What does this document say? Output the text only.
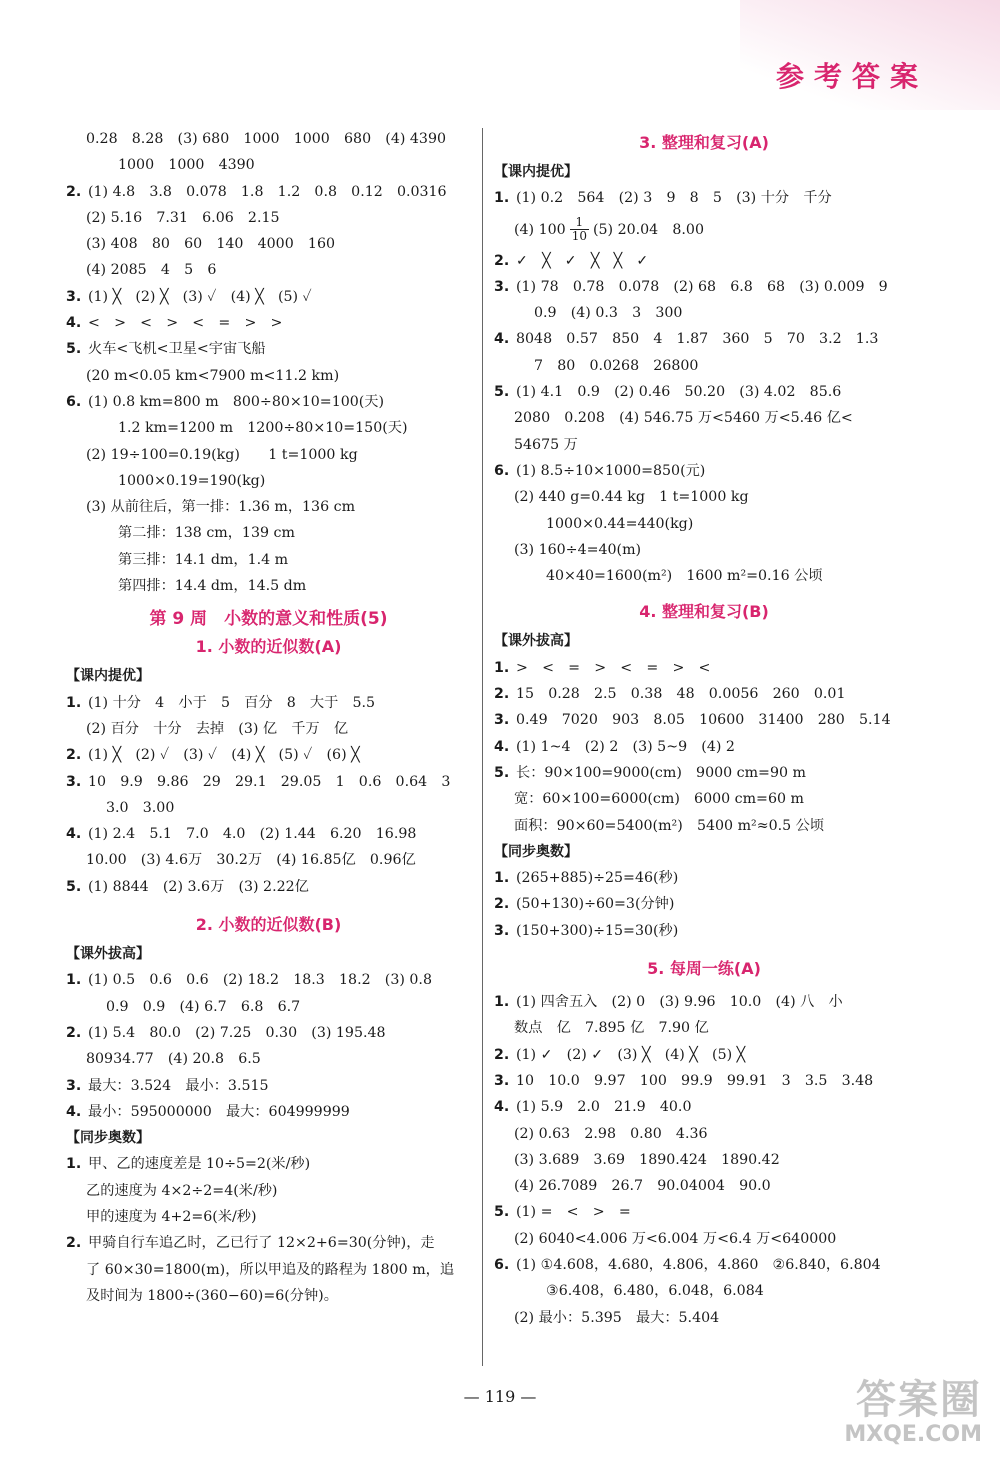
参考答案
0.28　8.28　(3) 680　1000　1000　680　(4) 4390
1000　1000　4390
2. (1) 4.8　3.8　0.078　1.8　1.2　0.8　0.12　0.0316
(2) 5.16　7.31　6.06　2.15
(3) 408　80　60　140　4000　160
(4) 2085　4　5　6
3. (1) ╳　(2) ╳　(3) ✓　(4) ╳　(5) ✓
4. <　>　<　>　<　=　>　>
5. 火车<飞机<卫星<宇宙飞船
(20 m<0.05 km<7900 m<11.2 km)
6. (1) 0.8 km=800 m　800÷80×10=100(天)
1.2 km=1200 m　1200÷80×10=150(天)
(2) 19÷100=0.19(kg)　　1 t=1000 kg
1000×0.19=190(kg)
(3) 从前往后，第一排：1.36 m，136 cm
第二排：138 cm，139 cm
第三排：14.1 dm，1.4 m
第四排：14.4 dm，14.5 dm
第 9 周　小数的意义和性质(5)
1. 小数的近似数(A)
【课内提优】
1. (1) 十分　4　小于　5　百分　8　大于　5.5
(2) 百分　十分　去掉　(3) 亿　千万　亿
2. (1) ╳　(2) ✓　(3) ✓　(4) ╳　(5) ✓　(6) ╳
3. 10　9.9　9.86　29　29.1　29.05　1　0.6　0.64　3
3.0　3.00
4. (1) 2.4　5.1　7.0　4.0　(2) 1.44　6.20　16.98
10.00　(3) 4.6万　30.2万　(4) 16.85亿　0.96亿
5. (1) 8844　(2) 3.6万　(3) 2.22亿
2. 小数的近似数(B)
【课外拔高】
1. (1) 0.5　0.6　0.6　(2) 18.2　18.3　18.2　(3) 0.8
0.9　0.9　(4) 6.7　6.8　6.7
2. (1) 5.4　80.0　(2) 7.25　0.30　(3) 195.48
80934.77　(4) 20.8　6.5
3. 最大：3.524　最小：3.515
4. 最小：595000000　最大：604999999
【同步奥数】
1. 甲、乙的速度差是 10÷5=2(米/秒)
乙的速度为 4×2÷2=4(米/秒)
甲的速度为 4+2=6(米/秒)
2. 甲骑自行车追乙时，乙已行了 12×2+6=30(分钟)，走
了 60×30=1800(m)，所以甲追及的路程为 1800 m，追
及时间为 1800÷(360−60)=6(分钟)。
3. 整理和复习(A)
【课内提优】
1. (1) 0.2　564　(2) 3　9　8　5　(3) 十分　千分
(4) $100 \frac{1}{10} (5)$ 20.04　8.00
2. ✓　╳　✓　╳　╳　✓
3. (1) 78　0.78　0.078　(2) 68　6.8　68　(3) 0.009　9
0.9　(4) 0.3　3　300
4. 8048　0.57　850　4　1.87　360　5　70　3.2　1.3
7　80　0.0268　26800
5. (1) 4.1　0.9　(2) 0.46　50.20　(3) 4.02　85.6
2080　0.208　(4) 546.75 万<5460 万<5.46 亿<
54675 万
6. (1) 8.5÷10×1000=850(元)
(2) 440 g=0.44 kg　1 t=1000 kg
1000×0.44=440(kg)
(3) 160÷4=40(m)
40×40=1600(m²)　1600 m²=0.16 公顷
4. 整理和复习(B)
【课外拔高】
1. >　<　=　>　<　=　>　<
2. 15　0.28　2.5　0.38　48　0.0056　260　0.01
3. 0.49　7020　903　8.05　10600　31400　280　5.14
4. (1) 1~4　(2) 2　(3) 5~9　(4) 2
5. 长：90×100=9000(cm)　9000 cm=90 m
宽：60×100=6000(cm)　6000 cm=60 m
面积：90×60=5400(m²)　5400 m²≈0.5 公顷
【同步奥数】
1. (265+885)÷25=46(秒)
2. (50+130)÷60=3(分钟)
3. (150+300)÷15=30(秒)
5. 每周一练(A)
1. (1) 四舍五入　(2) 0　(3) 9.96　10.0　(4) 八　小
数点　亿　7.895 亿　7.90 亿
2. (1) ✓　(2) ✓　(3) ╳　(4) ╳　(5) ╳
3. 10　10.0　9.97　100　99.9　99.91　3　3.5　3.48
4. (1) 5.9　2.0　21.9　40.0
(2) 0.63　2.98　0.80　4.36
(3) 3.689　3.69　1890.424　1890.42
(4) 26.7089　26.7　90.04004　90.0
5. (1) =　<　>　=
(2) 6040<4.006 万<6.004 万<6.4 万<640000
6. (1) ①4.608，4.680，4.806，4.860　②6.840，6.804
③6.408，6.480，6.048，6.084
(2) 最小：5.395　最大：5.404
— 119 —	答案圈
MXQE.COM
